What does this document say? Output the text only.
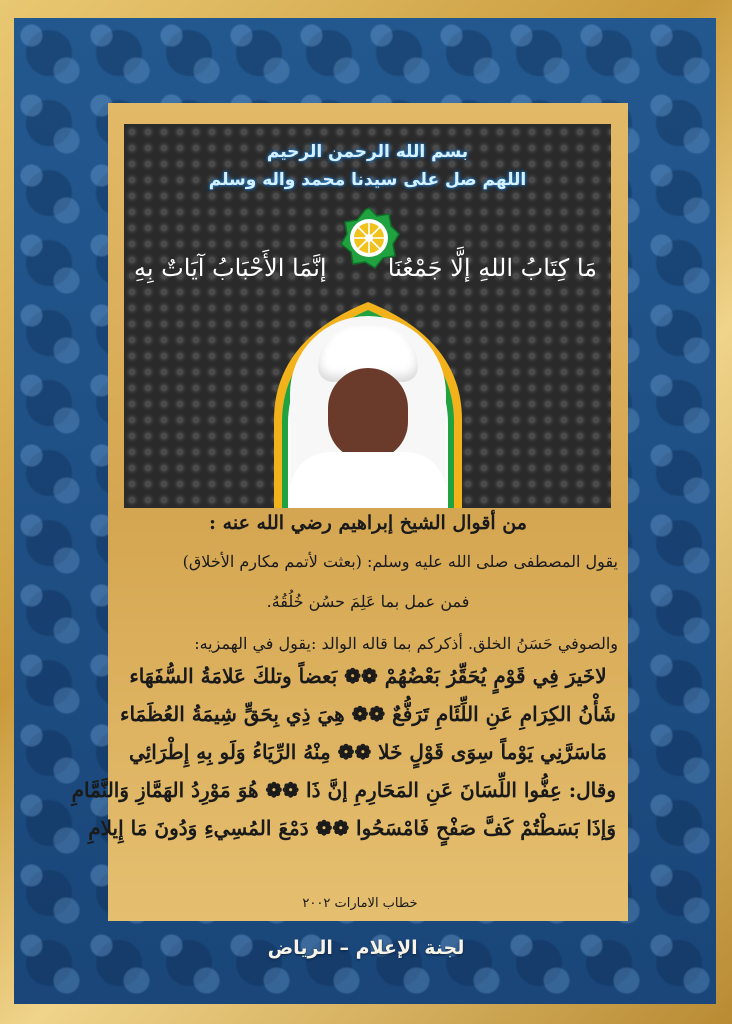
بسم الله الرحمن الرحيم
اللهم صل على سيدنا محمد واله وسلم
مَا كِتَابُ اللهِ إلَّا جَمْعُنَا
إنَّمَا الأَحْبَابُ آيَاتٌ بِهِ
من أقوال الشيخ إبراهيم رضي الله عنه :
يقول المصطفى صلى الله عليه وسلم: (بعثت لأتمم مكارم الأخلاق)
فمن عمل بما عَلِمَ حسُن خُلُقُهُ.
والصوفي حَسَنُ الخلق. أذكركم بما قاله الوالد :يقول في الهمزيه:
لاخَيرَ فِي قَوْمٍ يُحَقِّرُ بَعْضُهُمْ ❁❁ بَعضاً وتلكَ عَلامَةُ السُّفَهَاء
شَأْنُ الكِرَامِ عَنِ اللِّئَامِ تَرَفُّعٌ ❁❁ هِيَ ذِي بِحَقٍّ شِيمَةُ العُظَمَاء
مَاسَرَّنِي يَوْماً سِوَى قَوْلٍ خَلا ❁❁ مِنْهُ الرِّيَاءُ وَلَو بِهِ إِطْرَائِي
وقال: عِفُّوا اللِّسَانَ عَنِ المَحَارِمِ إنَّ ذَا ❁❁ هُوَ مَوْرِدُ الهَمَّازِ وَالنَّمَّامِ
وَإذَا بَسَطْتُمْ كَفَّ صَفْحٍ فَامْسَحُوا ❁❁ دَمْعَ المُسِيءِ وَدُونَ مَا إِيلامِ
خطاب الامارات ٢٠٠٢
لجنة الإعلام – الرياض
